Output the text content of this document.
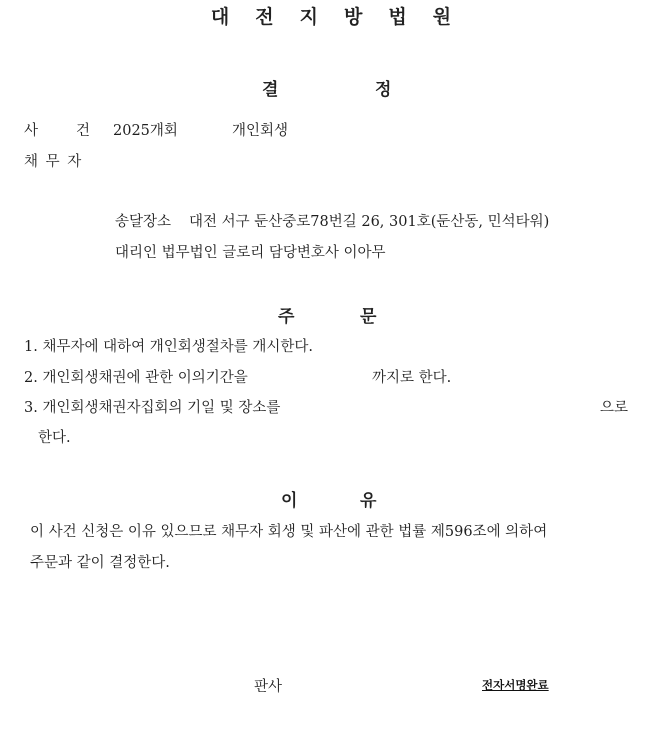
대 전 지 방 법 원
결	정
사	건 2025개회	개인회생
채 무 자
송달장소 대전 서구 둔산중로78번길 26, 301호(둔산동, 민석타워)
대리인 법무법인 글로리 담당변호사 이아무
주	문
1. 채무자에 대하여 개인회생절차를 개시한다.
2. 개인회생채권에 관한 이의기간을	까지로 한다.
3. 개인회생채권자집회의 기일 및 장소를	으로
한다.
이	유
이 사건 신청은 이유 있으므로 채무자 회생 및 파산에 관한 법률 제596조에 의하여
주문과 같이 결정한다.
판사	전자서명완료
